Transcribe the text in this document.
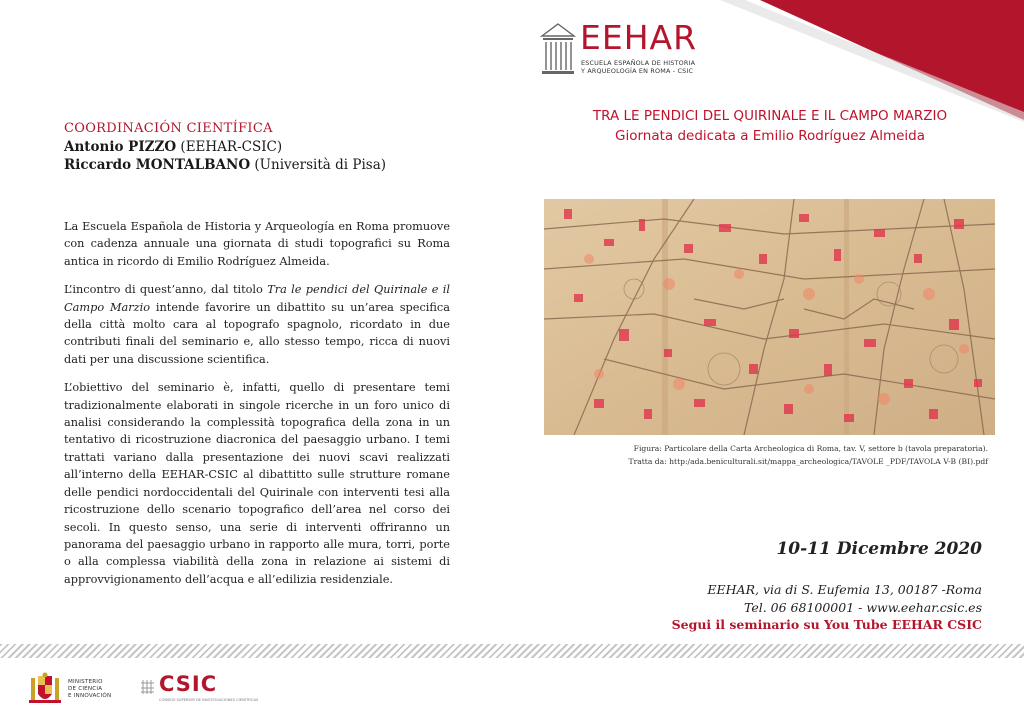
EEHAR
ESCUELA ESPAÑOLA DE HISTORIA
Y ARQUEOLOGÍA EN ROMA - CSIC
TRA LE PENDICI DEL QUIRINALE E IL CAMPO MARZIO
Giornata dedicata a Emilio Rodríguez Almeida
COORDINACIÓN CIENTÍFICA
Antonio PIZZO (EEHAR-CSIC)
Riccardo MONTALBANO (Università di Pisa)

La Escuela Española de Historia y Arqueología en Roma promuove con cadenza annuale una giornata di studi topografici su Roma antica in ricordo di Emilio Rodríguez Almeida.

L’incontro di quest’anno, dal titolo Tra le pendici del Quirinale e il Campo Marzio intende favorire un dibattito su un’area specifica della città molto cara al topografo spagnolo, ricordato in due contributi finali del seminario e, allo stesso tempo, ricca di nuovi dati per una discussione scientifica.

L’obiettivo del seminario è, infatti, quello di presentare temi tradizionalmente elaborati in singole ricerche in un foro unico di analisi considerando la complessità topografica della zona in un tentativo di ricostruzione diacronica del paesaggio urbano. I temi trattati variano dalla presentazione dei nuovi scavi realizzati all’interno della EEHAR-CSIC al dibattitto sulle strutture romane delle pendici nordoccidentali del Quirinale con interventi tesi alla ricostruzione dello scenario topografico dell’area nel corso dei secoli. In questo senso, una serie di interventi offriranno un panorama del paesaggio urbano in rapporto alle mura, torri, porte o alla complessa viabilità della zona in relazione ai sistemi di approvvigionamento dell’acqua e all’edilizia residenziale.

Figura: Particolare della Carta Archeologica di Roma, tav. V, settore b (tavola preparatoria).
Tratta da: http:/ada.beniculturali.sit/mappa_archeologica/TAVOLE _PDF/TAVOLA V-B (BI).pdf
10-11 Dicembre 2020
EEHAR, via di S. Eufemia 13, 00187 -Roma
Tel. 06 68100001 - www.eehar.csic.es
Segui il seminario su You Tube EEHAR CSIC
MINISTERIO
DE CIENCIA
E INNOVACIÓN CSIC
CONSEJO SUPERIOR DE INVESTIGACIONES CIENTÍFICAS
